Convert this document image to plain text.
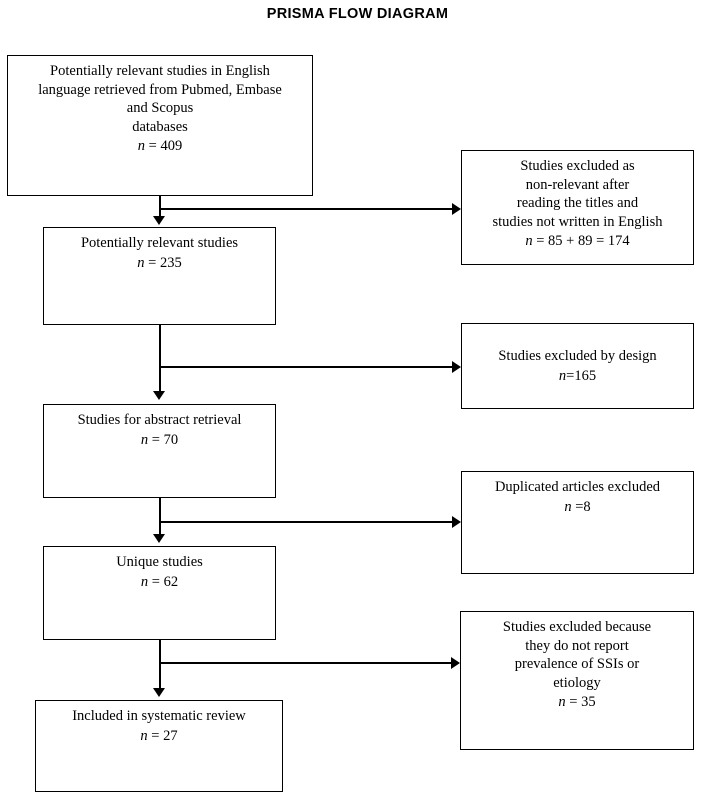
PRISMA FLOW DIAGRAM
Potentially relevant studies in English
language retrieved from Pubmed, Embase
and Scopus
databases
n = 409
Potentially relevant studies
n = 235
Studies for abstract retrieval
n = 70
Unique studies
n = 62
Included in systematic review
n = 27
Studies excluded as
non-relevant after
reading the titles and
studies not written in English
n = 85 + 89 = 174
Studies excluded by design
n=165
Duplicated articles excluded
n =8
Studies excluded because
they do not report
prevalence of SSIs or
etiology
n = 35
